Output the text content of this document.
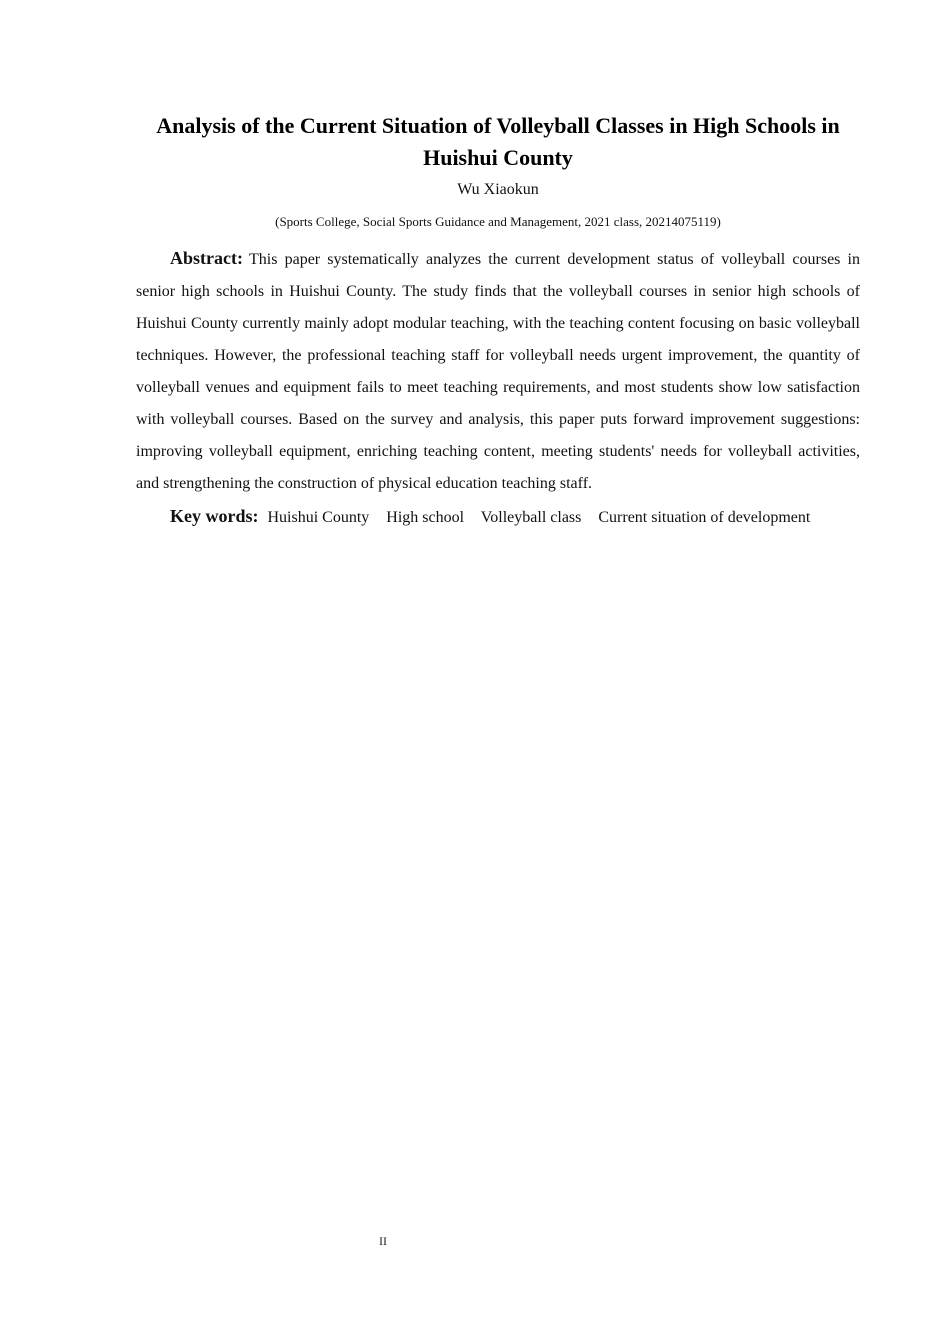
Analysis of the Current Situation of Volleyball Classes in High Schools in
Huishui County
Wu Xiaokun
(Sports College, Social Sports Guidance and Management, 2021 class, 20214075119)

Abstract: This paper systematically analyzes the current development status of volleyball courses in senior high schools in Huishui County. The study finds that the volleyball courses in senior high schools of Huishui County currently mainly adopt modular teaching, with the teaching content focusing on basic volleyball techniques. However, the professional teaching staff for volleyball needs urgent improvement, the quantity of volleyball venues and equipment fails to meet teaching requirements, and most students show low satisfaction with volleyball courses. Based on the survey and analysis, this paper puts forward improvement suggestions: improving volleyball equipment, enriching teaching content, meeting students' needs for volleyball activities, and strengthening the construction of physical education teaching staff.

Key words: Huishui County High school Volleyball class Current situation of development

II
